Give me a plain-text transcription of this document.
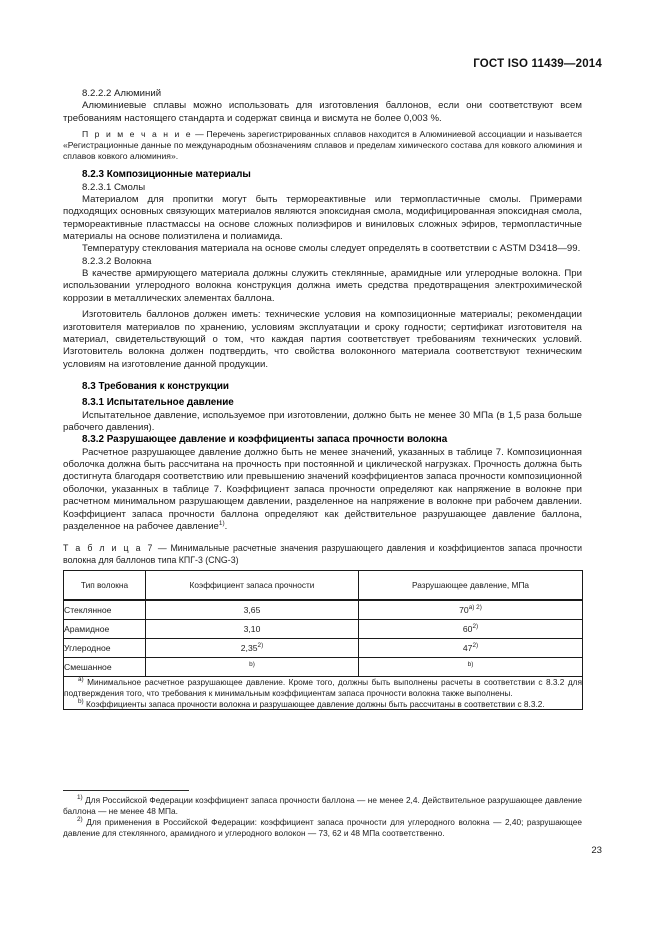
ГОСТ ISO 11439—2014

8.2.2.2 Алюминий

Алюминиевые сплавы можно использовать для изготовления баллонов, если они соответствуют всем требованиям настоящего стандарта и содержат свинца и висмута не более 0,003 %.

П р и м е ч а н и е — Перечень зарегистрированных сплавов находится в Алюминиевой ассоциации и называется «Регистрационные данные по международным обозначениям сплавов и пределам химического состава для ковкого алюминия и сплавов ковкого алюминия».

8.2.3 Композиционные материалы

8.2.3.1 Смолы

Материалом для пропитки могут быть термореактивные или термопластичные смолы. Примерами подходящих основных связующих материалов являются эпоксидная смола, модифицированная эпоксидная смола, термореактивные пластмассы на основе сложных полиэфиров и виниловых сложных эфиров, термопластичные материалы на основе полиэтилена и полиамида.

Температуру стеклования материала на основе смолы следует определять в соответствии с ASTM D3418—99.

8.2.3.2 Волокна

В качестве армирующего материала должны служить стеклянные, арамидные или углеродные волокна. При использовании углеродного волокна конструкция должна иметь средства предотвращения электрохимической коррозии в металлических элементах баллона.

Изготовитель баллонов должен иметь: технические условия на композиционные материалы; рекомендации изготовителя материалов по хранению, условиям эксплуатации и сроку годности; сертификат изготовителя на материал, свидетельствующий о том, что каждая партия соответствует требованиям технических условий. Изготовитель волокна должен подтвердить, что свойства волоконного материала соответствуют техническим условиям на изготовление данной продукции.

8.3 Требования к конструкции
8.3.1 Испытательное давление

Испытательное давление, используемое при изготовлении, должно быть не менее 30 МПа (в 1,5 раза больше рабочего давления).

8.3.2 Разрушающее давление и коэффициенты запаса прочности волокна

Расчетное разрушающее давление должно быть не менее значений, указанных в таблице 7. Композиционная оболочка должна быть рассчитана на прочность при постоянной и циклической нагрузках. Прочность должна быть достигнута благодаря соответствию или превышению значений коэффициентов запаса прочности композиционной оболочки, указанных в таблице 7. Коэффициент запаса прочности определяют как напряжение в волокне при расчетном минимальном разрушающем давлении, разделенное на напряжение в волокне при рабочем давлении. Коэффициент запаса прочности баллона определяют как действительное разрушающее давление баллона, разделенное на рабочее давление$^{1)}$.

Т а б л и ц а 7 — Минимальные расчетные значения разрушающего давления и коэффициентов запаса прочности волокна для баллонов типа КПГ-3 (CNG-3)

Тип волокна	Коэффициент запаса прочности	Разрушающее давление, МПа
Стеклянное	3,65	$70^{a) 2)}$
Арамидное	3,10	60$^{2)}$
Углеродное	2,35$^{2)}$	47$^{2)}$
Смешанное	$^{b)}$	$^{b)}$

$^{a)}$ Минимальное расчетное разрушающее давление. Кроме того, должны быть выполнены расчеты в соответствии с 8.3.2 для подтверждения того, что требования к минимальным коэффициентам запаса прочности волокна также выполнены.

$^{b)}$ Коэффициенты запаса прочности волокна и разрушающее давление должны быть рассчитаны в соответствии с 8.3.2.		

$^{1)}$ Для Российской Федерации коэффициент запаса прочности баллона — не менее 2,4. Действительное разрушающее давление баллона — не менее 48 МПа.

$^{2)}$ Для применения в Российской Федерации: коэффициент запаса прочности для углеродного волокна — 2,40; разрушающее давление для стеклянного, арамидного и углеродного волокон — 73, 62 и 48 МПа соответственно.

23
